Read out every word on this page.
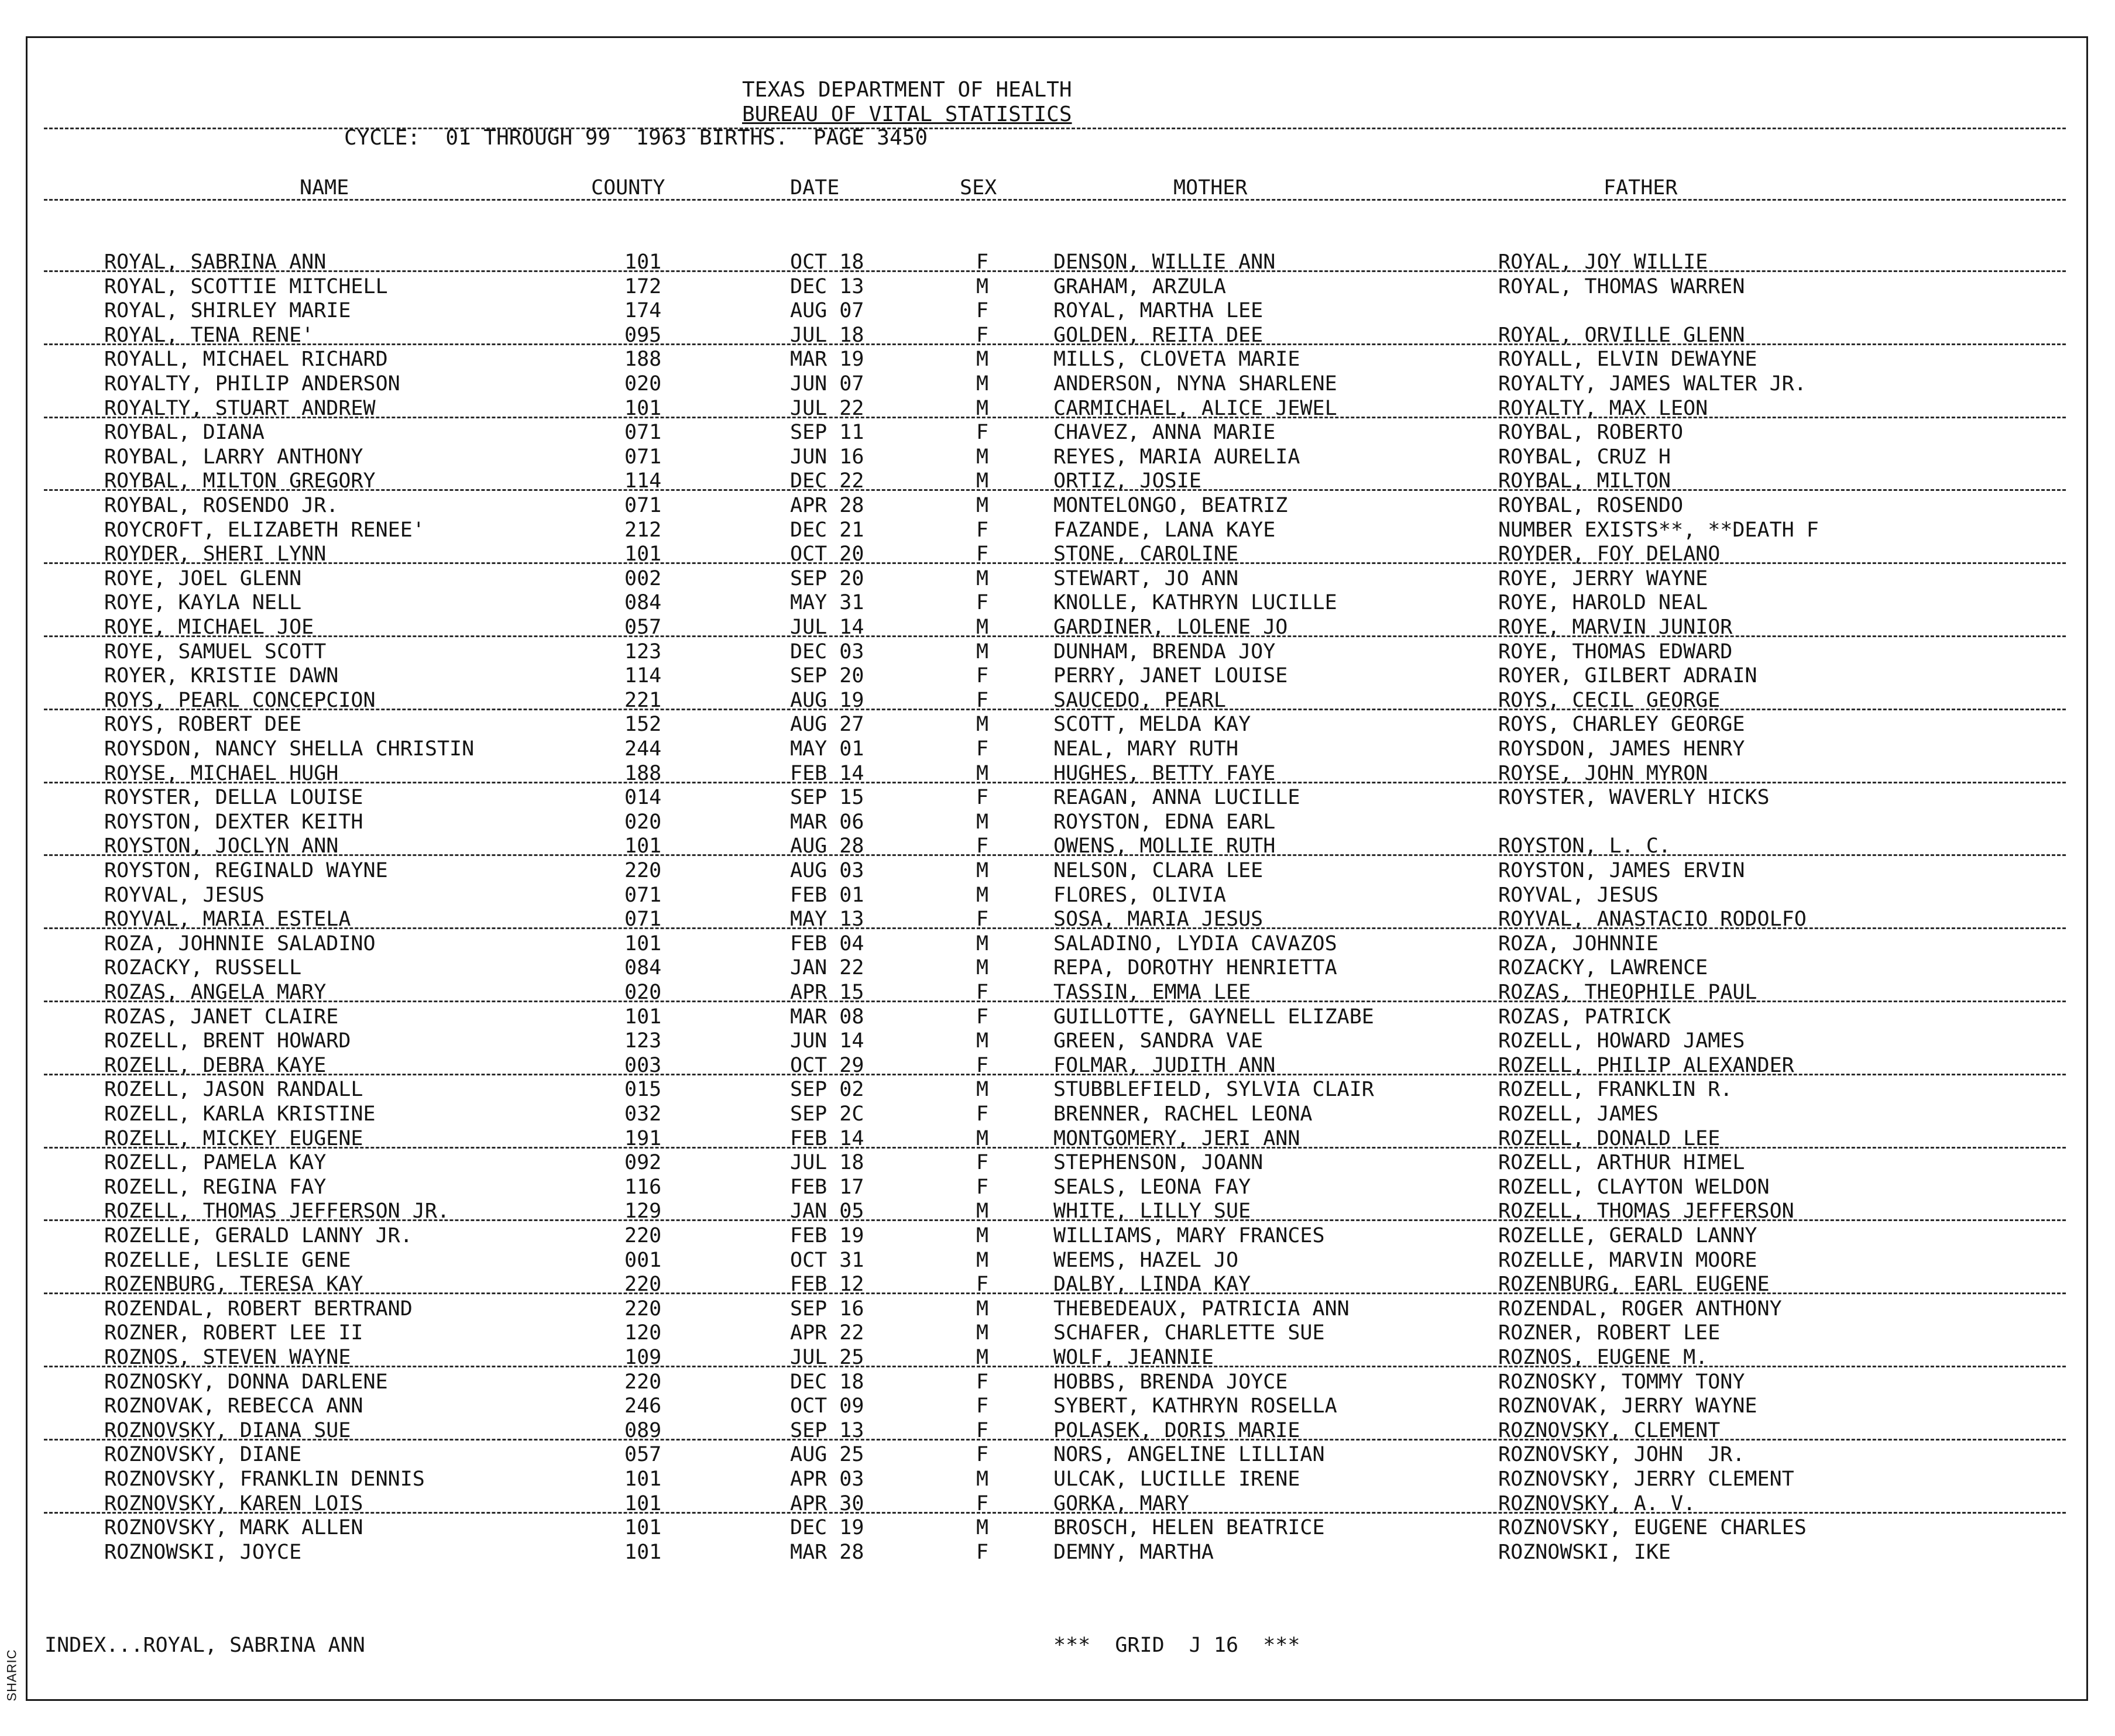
SHARIC
TEXAS DEPARTMENT OF HEALTH
BUREAU OF VITAL STATISTICS
CYCLE:  01 THROUGH 99  1963 BIRTHS.  PAGE 3450
NAME	COUNTY	DATE	SEX	MOTHER	FATHER
ROYAL, SABRINA ANN	101	OCT 18	F	DENSON, WILLIE ANN	ROYAL, JOY WILLIE
ROYAL, SCOTTIE MITCHELL	172	DEC 13	M	GRAHAM, ARZULA	ROYAL, THOMAS WARREN
ROYAL, SHIRLEY MARIE	174	AUG 07	F	ROYAL, MARTHA LEE
ROYAL, TENA RENE'	095	JUL 18	F	GOLDEN, REITA DEE	ROYAL, ORVILLE GLENN
ROYALL, MICHAEL RICHARD	188	MAR 19	M	MILLS, CLOVETA MARIE	ROYALL, ELVIN DEWAYNE
ROYALTY, PHILIP ANDERSON	020	JUN 07	M	ANDERSON, NYNA SHARLENE	ROYALTY, JAMES WALTER JR.
ROYALTY, STUART ANDREW	101	JUL 22	M	CARMICHAEL, ALICE JEWEL	ROYALTY, MAX LEON
ROYBAL, DIANA	071	SEP 11	F	CHAVEZ, ANNA MARIE	ROYBAL, ROBERTO
ROYBAL, LARRY ANTHONY	071	JUN 16	M	REYES, MARIA AURELIA	ROYBAL, CRUZ H
ROYBAL, MILTON GREGORY	114	DEC 22	M	ORTIZ, JOSIE	ROYBAL, MILTON
ROYBAL, ROSENDO JR.	071	APR 28	M	MONTELONGO, BEATRIZ	ROYBAL, ROSENDO
ROYCROFT, ELIZABETH RENEE'	212	DEC 21	F	FAZANDE, LANA KAYE	NUMBER EXISTS**, **DEATH F
ROYDER, SHERI LYNN	101	OCT 20	F	STONE, CAROLINE	ROYDER, FOY DELANO
ROYE, JOEL GLENN	002	SEP 20	M	STEWART, JO ANN	ROYE, JERRY WAYNE
ROYE, KAYLA NELL	084	MAY 31	F	KNOLLE, KATHRYN LUCILLE	ROYE, HAROLD NEAL
ROYE, MICHAEL JOE	057	JUL 14	M	GARDINER, LOLENE JO	ROYE, MARVIN JUNIOR
ROYE, SAMUEL SCOTT	123	DEC 03	M	DUNHAM, BRENDA JOY	ROYE, THOMAS EDWARD
ROYER, KRISTIE DAWN	114	SEP 20	F	PERRY, JANET LOUISE	ROYER, GILBERT ADRAIN
ROYS, PEARL CONCEPCION	221	AUG 19	F	SAUCEDO, PEARL	ROYS, CECIL GEORGE
ROYS, ROBERT DEE	152	AUG 27	M	SCOTT, MELDA KAY	ROYS, CHARLEY GEORGE
ROYSDON, NANCY SHELLA CHRISTIN	244	MAY 01	F	NEAL, MARY RUTH	ROYSDON, JAMES HENRY
ROYSE, MICHAEL HUGH	188	FEB 14	M	HUGHES, BETTY FAYE	ROYSE, JOHN MYRON
ROYSTER, DELLA LOUISE	014	SEP 15	F	REAGAN, ANNA LUCILLE	ROYSTER, WAVERLY HICKS
ROYSTON, DEXTER KEITH	020	MAR 06	M	ROYSTON, EDNA EARL
ROYSTON, JOCLYN ANN	101	AUG 28	F	OWENS, MOLLIE RUTH	ROYSTON, L. C.
ROYSTON, REGINALD WAYNE	220	AUG 03	M	NELSON, CLARA LEE	ROYSTON, JAMES ERVIN
ROYVAL, JESUS	071	FEB 01	M	FLORES, OLIVIA	ROYVAL, JESUS
ROYVAL, MARIA ESTELA	071	MAY 13	F	SOSA, MARIA JESUS	ROYVAL, ANASTACIO RODOLFO
ROZA, JOHNNIE SALADINO	101	FEB 04	M	SALADINO, LYDIA CAVAZOS	ROZA, JOHNNIE
ROZACKY, RUSSELL	084	JAN 22	M	REPA, DOROTHY HENRIETTA	ROZACKY, LAWRENCE
ROZAS, ANGELA MARY	020	APR 15	F	TASSIN, EMMA LEE	ROZAS, THEOPHILE PAUL
ROZAS, JANET CLAIRE	101	MAR 08	F	GUILLOTTE, GAYNELL ELIZABE	ROZAS, PATRICK
ROZELL, BRENT HOWARD	123	JUN 14	M	GREEN, SANDRA VAE	ROZELL, HOWARD JAMES
ROZELL, DEBRA KAYE	003	OCT 29	F	FOLMAR, JUDITH ANN	ROZELL, PHILIP ALEXANDER
ROZELL, JASON RANDALL	015	SEP 02	M	STUBBLEFIELD, SYLVIA CLAIR	ROZELL, FRANKLIN R.
ROZELL, KARLA KRISTINE	032	SEP 2C	F	BRENNER, RACHEL LEONA	ROZELL, JAMES
ROZELL, MICKEY EUGENE	191	FEB 14	M	MONTGOMERY, JERI ANN	ROZELL, DONALD LEE
ROZELL, PAMELA KAY	092	JUL 18	F	STEPHENSON, JOANN	ROZELL, ARTHUR HIMEL
ROZELL, REGINA FAY	116	FEB 17	F	SEALS, LEONA FAY	ROZELL, CLAYTON WELDON
ROZELL, THOMAS JEFFERSON JR.	129	JAN 05	M	WHITE, LILLY SUE	ROZELL, THOMAS JEFFERSON
ROZELLE, GERALD LANNY JR.	220	FEB 19	M	WILLIAMS, MARY FRANCES	ROZELLE, GERALD LANNY
ROZELLE, LESLIE GENE	001	OCT 31	M	WEEMS, HAZEL JO	ROZELLE, MARVIN MOORE
ROZENBURG, TERESA KAY	220	FEB 12	F	DALBY, LINDA KAY	ROZENBURG, EARL EUGENE
ROZENDAL, ROBERT BERTRAND	220	SEP 16	M	THEBEDEAUX, PATRICIA ANN	ROZENDAL, ROGER ANTHONY
ROZNER, ROBERT LEE II	120	APR 22	M	SCHAFER, CHARLETTE SUE	ROZNER, ROBERT LEE
ROZNOS, STEVEN WAYNE	109	JUL 25	M	WOLF, JEANNIE	ROZNOS, EUGENE M.
ROZNOSKY, DONNA DARLENE	220	DEC 18	F	HOBBS, BRENDA JOYCE	ROZNOSKY, TOMMY TONY
ROZNOVAK, REBECCA ANN	246	OCT 09	F	SYBERT, KATHRYN ROSELLA	ROZNOVAK, JERRY WAYNE
ROZNOVSKY, DIANA SUE	089	SEP 13	F	POLASEK, DORIS MARIE	ROZNOVSKY, CLEMENT
ROZNOVSKY, DIANE	057	AUG 25	F	NORS, ANGELINE LILLIAN	ROZNOVSKY, JOHN  JR.
ROZNOVSKY, FRANKLIN DENNIS	101	APR 03	M	ULCAK, LUCILLE IRENE	ROZNOVSKY, JERRY CLEMENT
ROZNOVSKY, KAREN LOIS	101	APR 30	F	GORKA, MARY	ROZNOVSKY, A. V.
ROZNOVSKY, MARK ALLEN	101	DEC 19	M	BROSCH, HELEN BEATRICE	ROZNOVSKY, EUGENE CHARLES
ROZNOWSKI, JOYCE	101	MAR 28	F	DEMNY, MARTHA	ROZNOWSKI, IKE
INDEX...ROYAL, SABRINA ANN	***  GRID  J 16  ***
